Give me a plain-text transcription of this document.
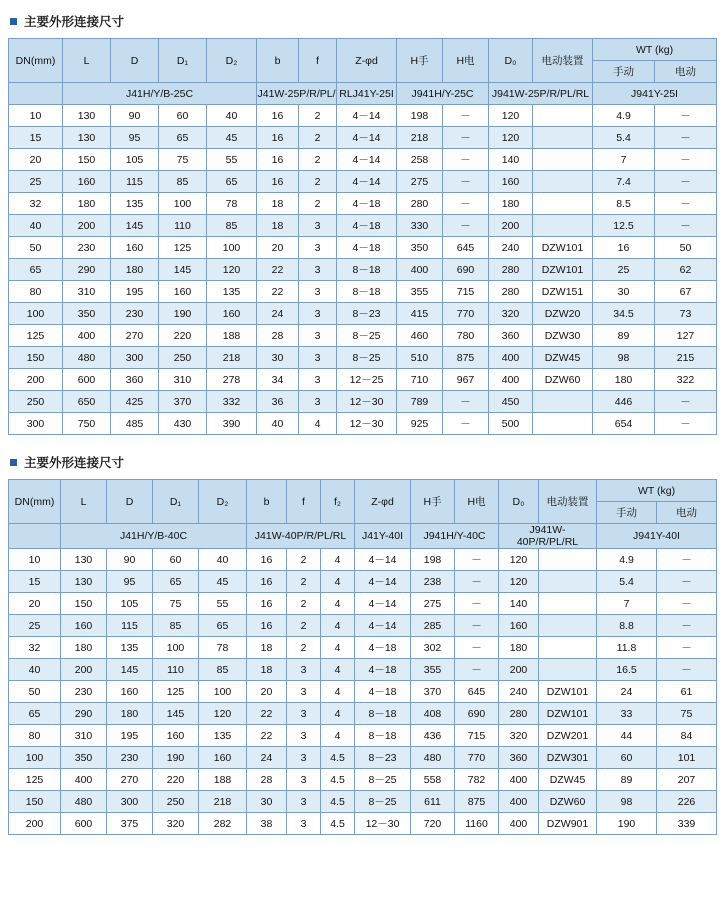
主要外形连接尺寸
DN(mm)	L	D	D₁	D₂	b	f	Z-φd	H手	H电	D₀	电动装置	WT (kg)	
												手动	电动
	J41H/Y/B-25C				J41W-25P/R/PL/		RLJ41Y-25I	J941H/Y-25C		J941W-25P/R/PL/RL		J941Y-25I	
10	130	90	60	40	16	2	4－14	198	－	120		4.9	－
15	130	95	65	45	16	2	4－14	218	－	120		5.4	－
20	150	105	75	55	16	2	4－14	258	－	140		7	－
25	160	115	85	65	16	2	4－14	275	－	160		7.4	－
32	180	135	100	78	18	2	4－18	280	－	180		8.5	－
40	200	145	110	85	18	3	4－18	330	－	200		12.5	－
50	230	160	125	100	20	3	4－18	350	645	240	DZW101	16	50
65	290	180	145	120	22	3	8－18	400	690	280	DZW101	25	62
80	310	195	160	135	22	3	8－18	355	715	280	DZW151	30	67
100	350	230	190	160	24	3	8－23	415	770	320	DZW20	34.5	73
125	400	270	220	188	28	3	8－25	460	780	360	DZW30	89	127
150	480	300	250	218	30	3	8－25	510	875	400	DZW45	98	215
200	600	360	310	278	34	3	12－25	710	967	400	DZW60	180	322
250	650	425	370	332	36	3	12－30	789	－	450		446	－
300	750	485	430	390	40	4	12－30	925	－	500		654	－
主要外形连接尺寸
DN(mm)	L	D	D₁	D₂	b	f	f₂	Z-φd	H手	H电	D₀	电动装置	WT (kg)	
													手动	电动
	J41H/Y/B-40C				J41W-40P/R/PL/RL			J41Y-40I	J941H/Y-40C		J941W-40P/R/PL/RL		J941Y-40I	
10	130	90	60	40	16	2	4	4－14	198	－	120		4.9	－
15	130	95	65	45	16	2	4	4－14	238	－	120		5.4	－
20	150	105	75	55	16	2	4	4－14	275	－	140		7	－
25	160	115	85	65	16	2	4	4－14	285	－	160		8.8	－
32	180	135	100	78	18	2	4	4－18	302	－	180		11.8	－
40	200	145	110	85	18	3	4	4－18	355	－	200		16.5	－
50	230	160	125	100	20	3	4	4－18	370	645	240	DZW101	24	61
65	290	180	145	120	22	3	4	8－18	408	690	280	DZW101	33	75
80	310	195	160	135	22	3	4	8－18	436	715	320	DZW201	44	84
100	350	230	190	160	24	3	4.5	8－23	480	770	360	DZW301	60	101
125	400	270	220	188	28	3	4.5	8－25	558	782	400	DZW45	89	207
150	480	300	250	218	30	3	4.5	8－25	611	875	400	DZW60	98	226
200	600	375	320	282	38	3	4.5	12－30	720	1160	400	DZW901	190	339
